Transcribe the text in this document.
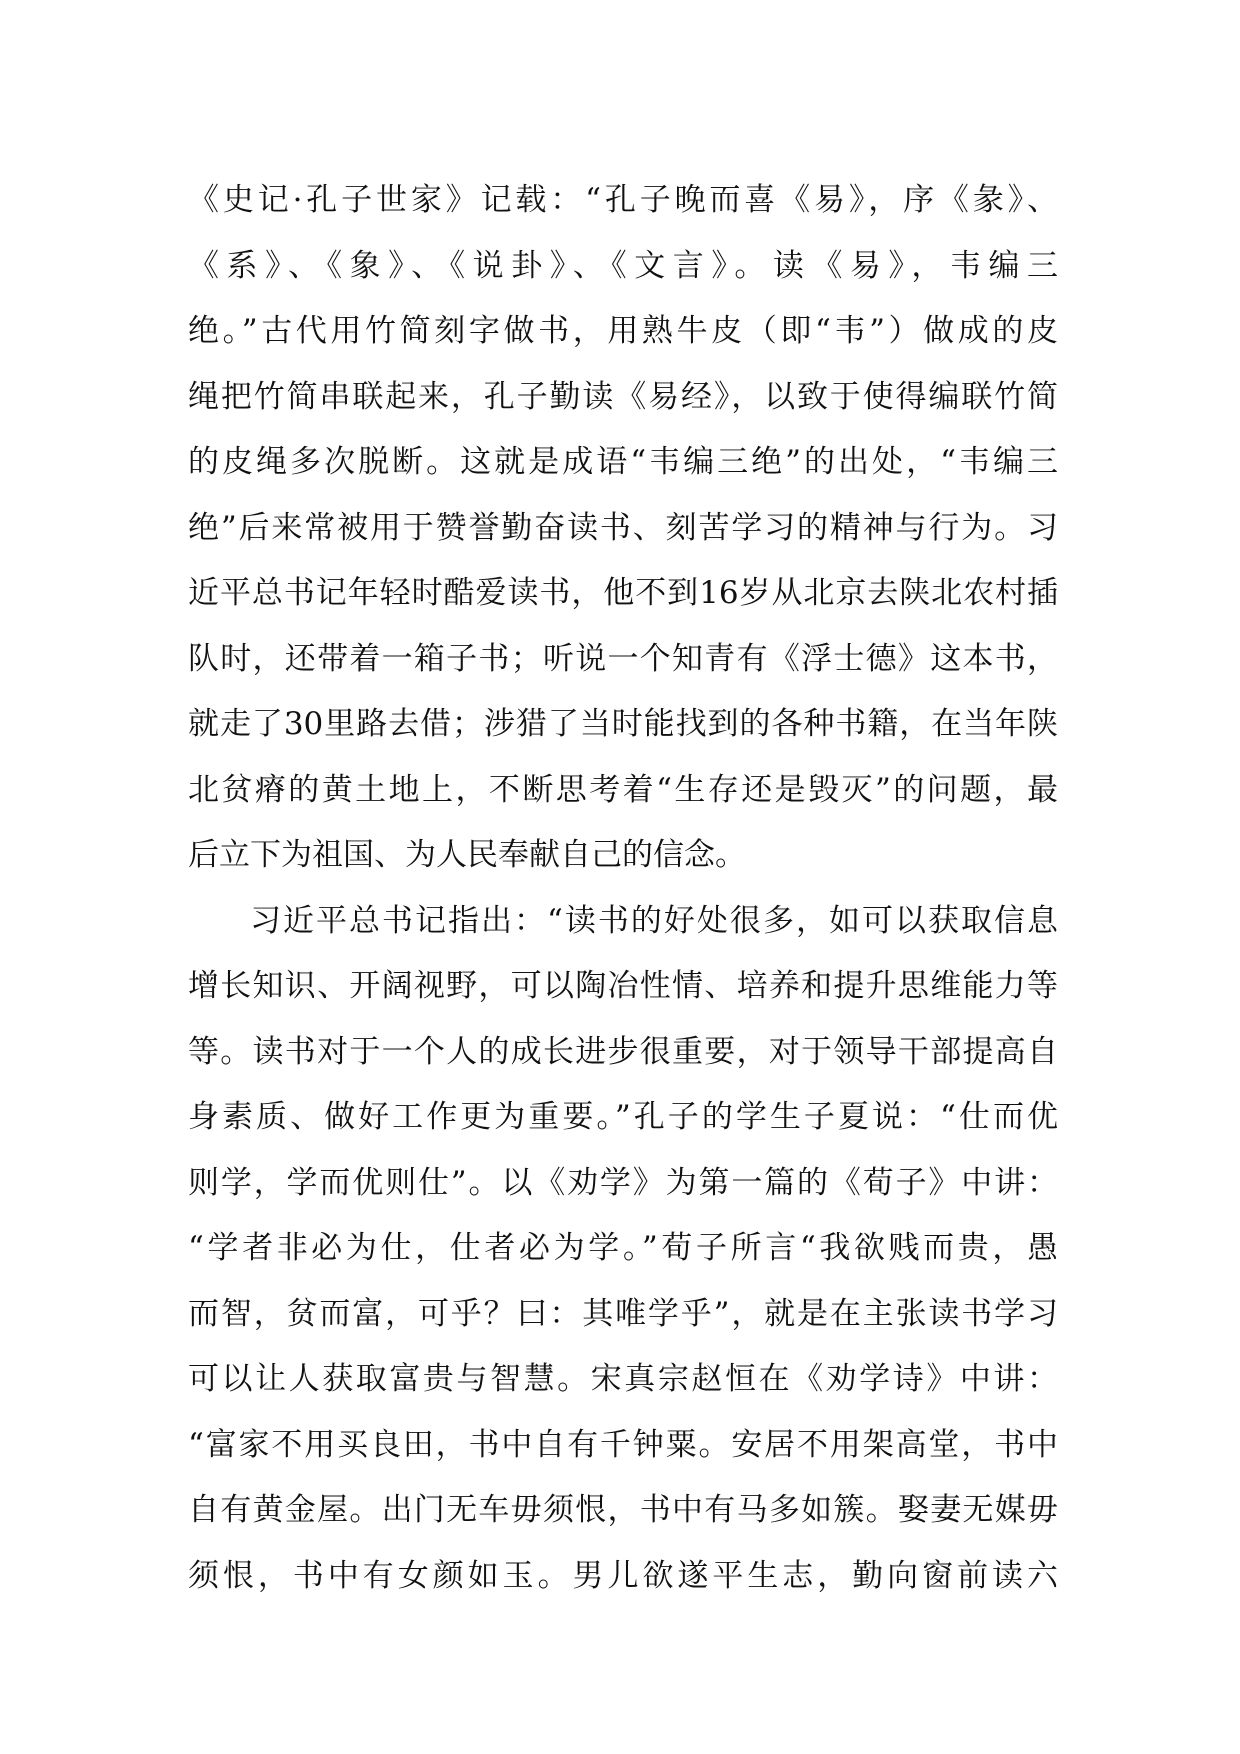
《史记·孔子世家》记载：“孔子晚而喜《易》，序《彖》、
《系》、《象》、《说卦》、《文言》。读《易》，韦编三
绝。”古代用竹简刻字做书，用熟牛皮（即“韦”）做成的皮
绳把竹简串联起来，孔子勤读《易经》，以致于使得编联竹简
的皮绳多次脱断。这就是成语“韦编三绝”的出处，“韦编三
绝”后来常被用于赞誉勤奋读书、刻苦学习的精神与行为。习
近平总书记年轻时酷爱读书，他不到16岁从北京去陕北农村插
队时，还带着一箱子书；听说一个知青有《浮士德》这本书，
就走了30里路去借；涉猎了当时能找到的各种书籍，在当年陕
北贫瘠的黄土地上，不断思考着“生存还是毁灭”的问题，最
后立下为祖国、为人民奉献自己的信念。
习近平总书记指出：“读书的好处很多，如可以获取信息
增长知识、开阔视野，可以陶冶性情、培养和提升思维能力等
等。读书对于一个人的成长进步很重要，对于领导干部提高自
身素质、做好工作更为重要。”孔子的学生子夏说：“仕而优
则学，学而优则仕”。以《劝学》为第一篇的《荀子》中讲：
“学者非必为仕，仕者必为学。”荀子所言“我欲贱而贵，愚
而智，贫而富，可乎？曰：其唯学乎”，就是在主张读书学习
可以让人获取富贵与智慧。宋真宗赵恒在《劝学诗》中讲：
“富家不用买良田，书中自有千钟粟。安居不用架高堂，书中
自有黄金屋。出门无车毋须恨，书中有马多如簇。娶妻无媒毋
须恨，书中有女颜如玉。男儿欲遂平生志，勤向窗前读六
